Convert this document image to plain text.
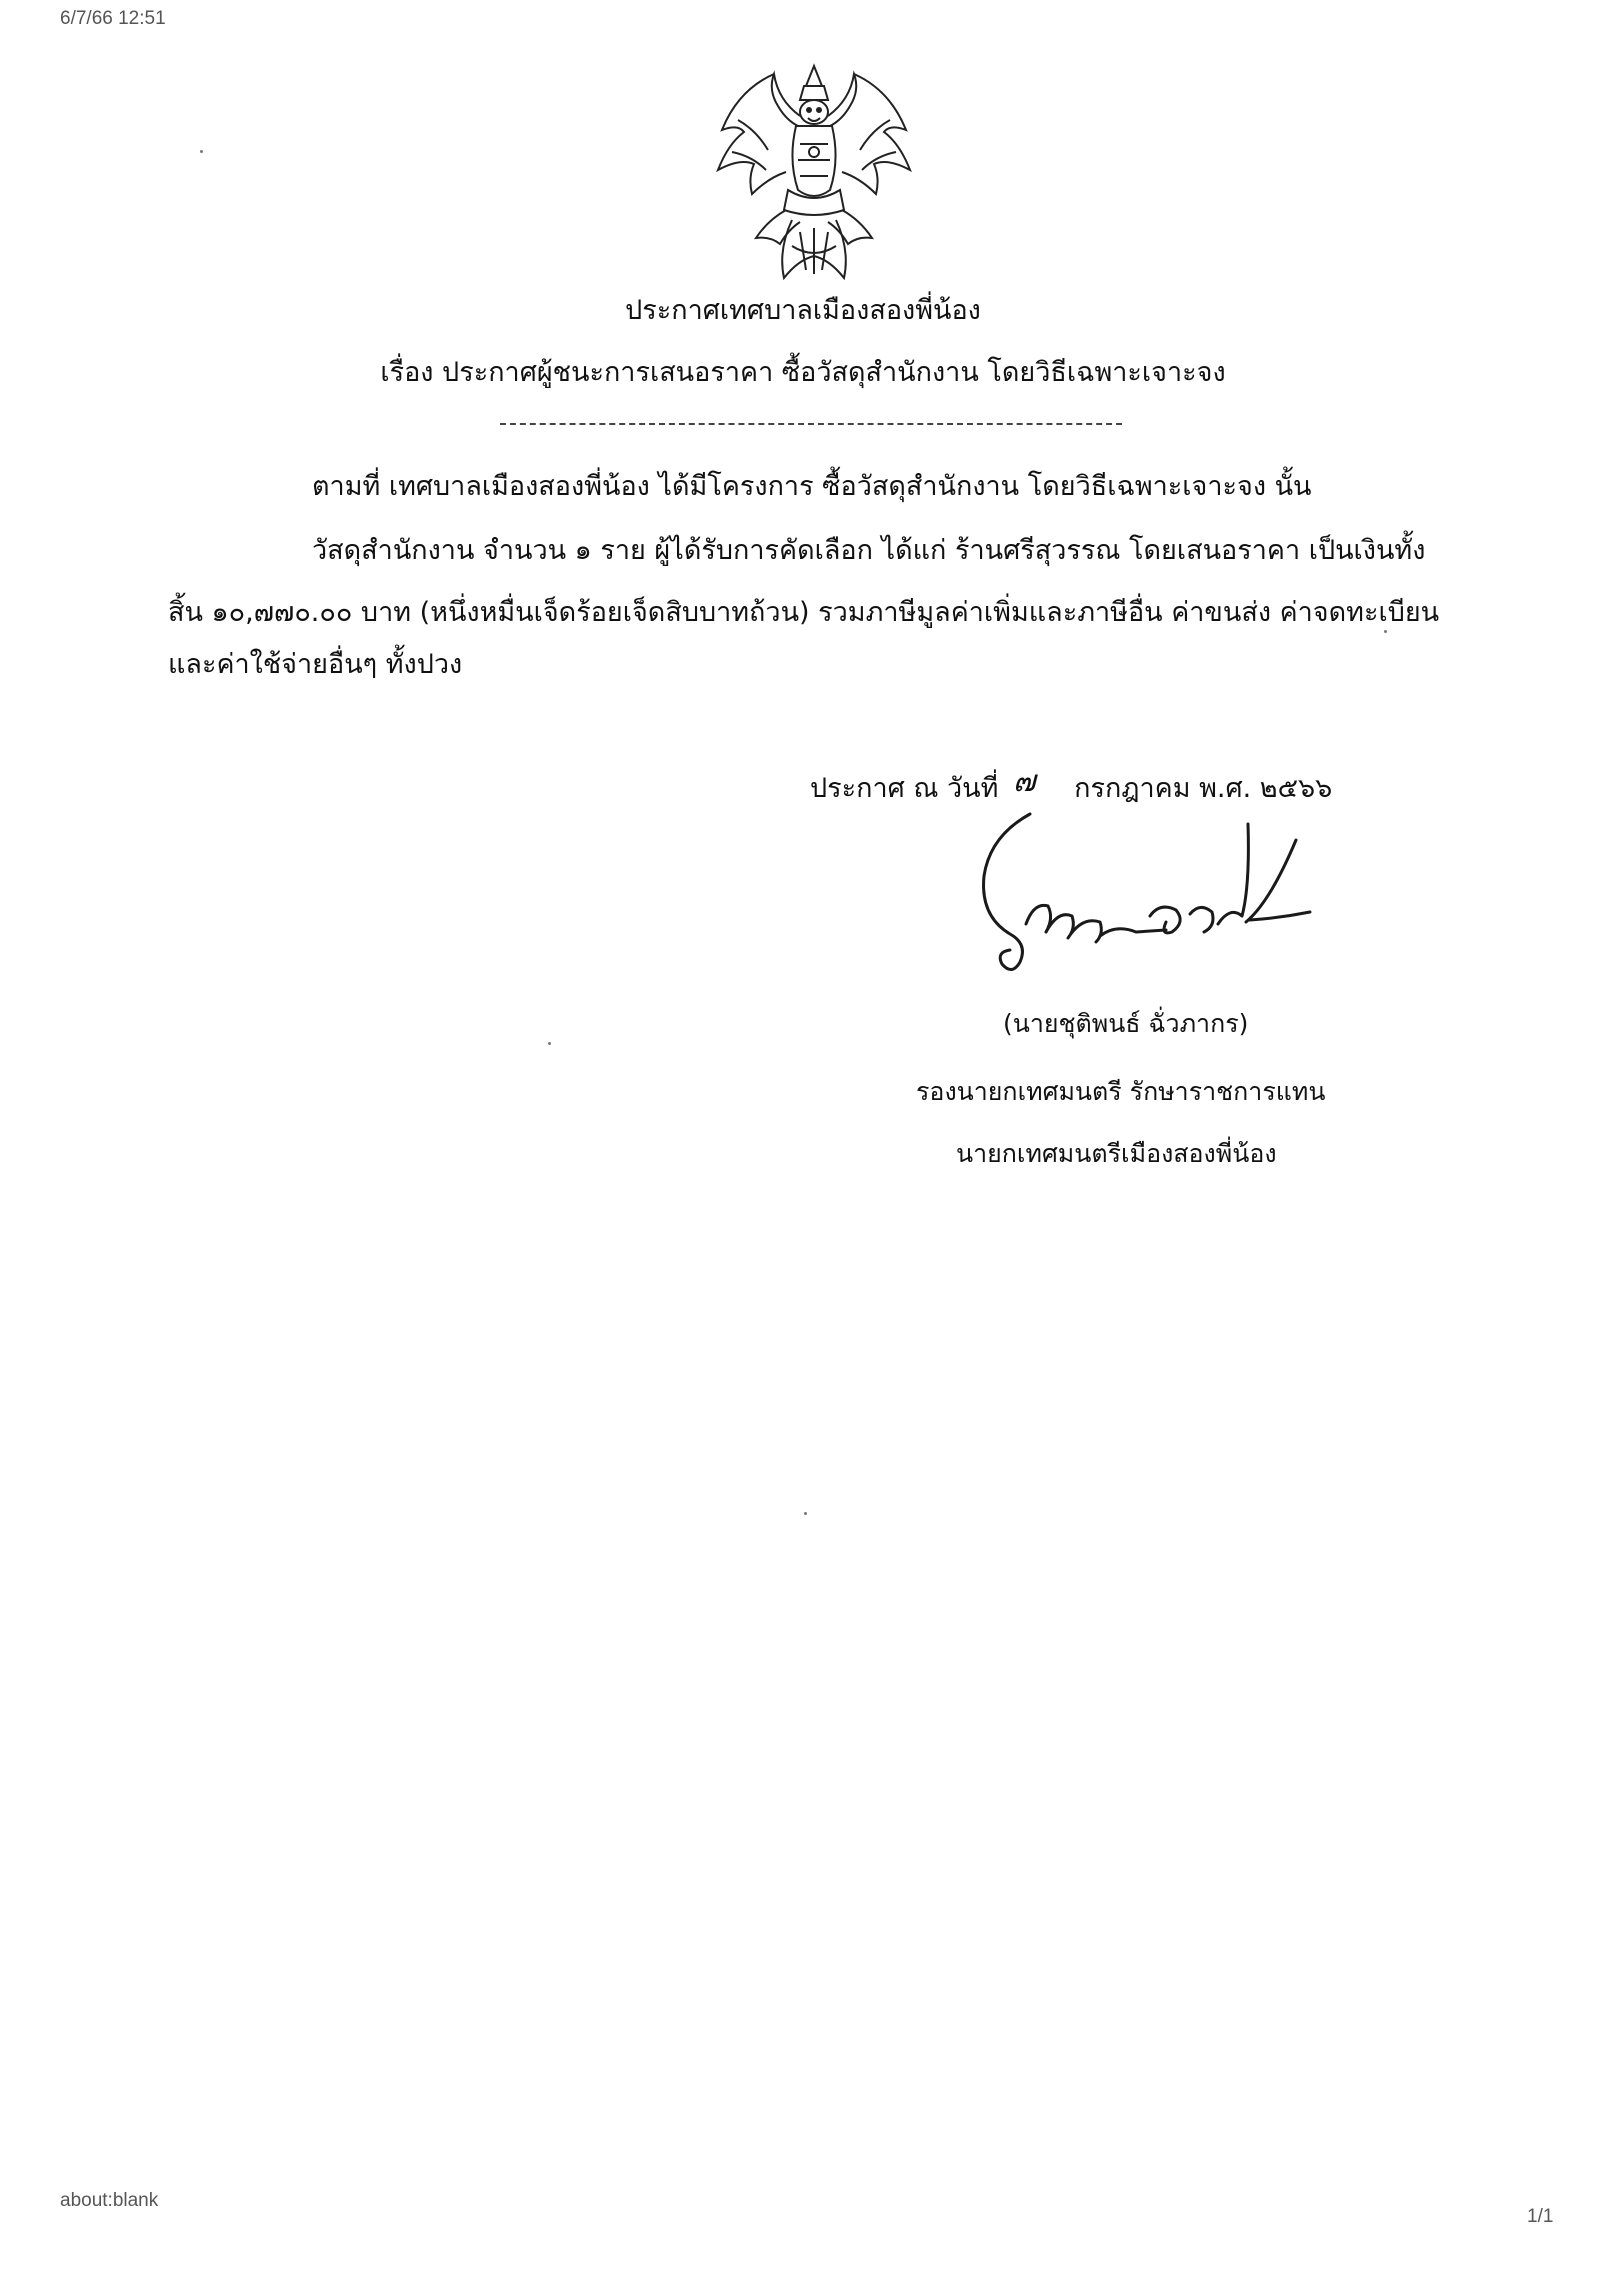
6/7/66 12:51
ประกาศเทศบาลเมืองสองพี่น้อง
เรื่อง ประกาศผู้ชนะการเสนอราคา ซื้อวัสดุสำนักงาน โดยวิธีเฉพาะเจาะจง
ตามที่ เทศบาลเมืองสองพี่น้อง ได้มีโครงการ ซื้อวัสดุสำนักงาน โดยวิธีเฉพาะเจาะจง นั้น
วัสดุสำนักงาน จำนวน ๑ ราย ผู้ได้รับการคัดเลือก ได้แก่ ร้านศรีสุวรรณ โดยเสนอราคา เป็นเงินทั้ง
สิ้น ๑๐,๗๗๐.๐๐ บาท (หนึ่งหมื่นเจ็ดร้อยเจ็ดสิบบาทถ้วน) รวมภาษีมูลค่าเพิ่มและภาษีอื่น ค่าขนส่ง ค่าจดทะเบียน
และค่าใช้จ่ายอื่นๆ ทั้งปวง
ประกาศ ณ วันที่ ๗ กรกฎาคม พ.ศ. ๒๕๖๖
(นายชุติพนธ์ ฉั่วภากร)
รองนายกเทศมนตรี รักษาราชการแทน
นายกเทศมนตรีเมืองสองพี่น้อง
about:blank
1/1
